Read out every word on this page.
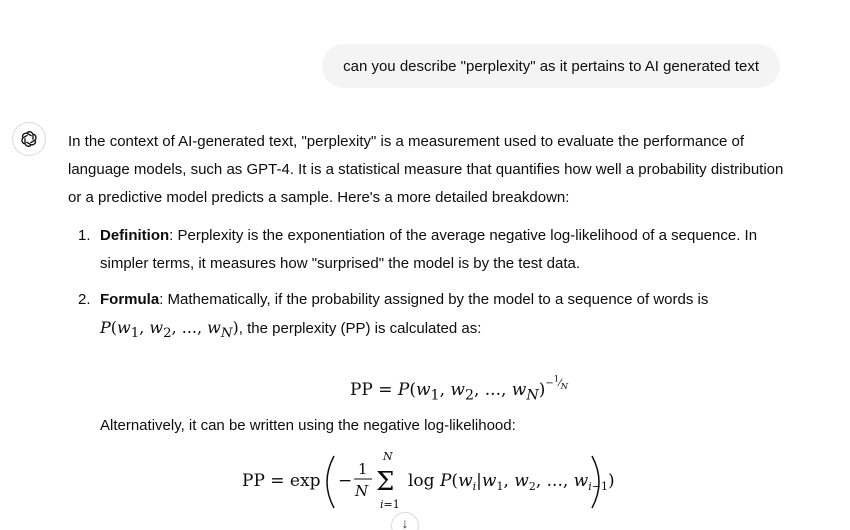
can you describe "perplexity" as it pertains to AI generated text

In the context of AI-generated text, "perplexity" is a measurement used to evaluate the performance of language models, such as GPT-4. It is a statistical measure that quantifies how well a probability distribution or a predictive model predicts a sample. Here's a more detailed breakdown:

1. Definition: Perplexity is the exponentiation of the average negative log-likelihood of a sequence. In simpler terms, it measures how "surprised" the model is by the test data.
2. Formula: Mathematically, if the probability assigned by the model to a sequence of words is
$P(w_1$, $w_2$, ..., $w_N$), the perplexity (PP) is calculated as:
PP = $P(w_1$, $w_2$, ..., $w_N)^{-^1⁄_N}$
Alternatively, it can be written using the negative log-likelihood:
PP = exp −
1
N
N
Σ
i=1
$\log P(w_i|w_1$, $w_2$, ..., $w_i-1$)
↓
